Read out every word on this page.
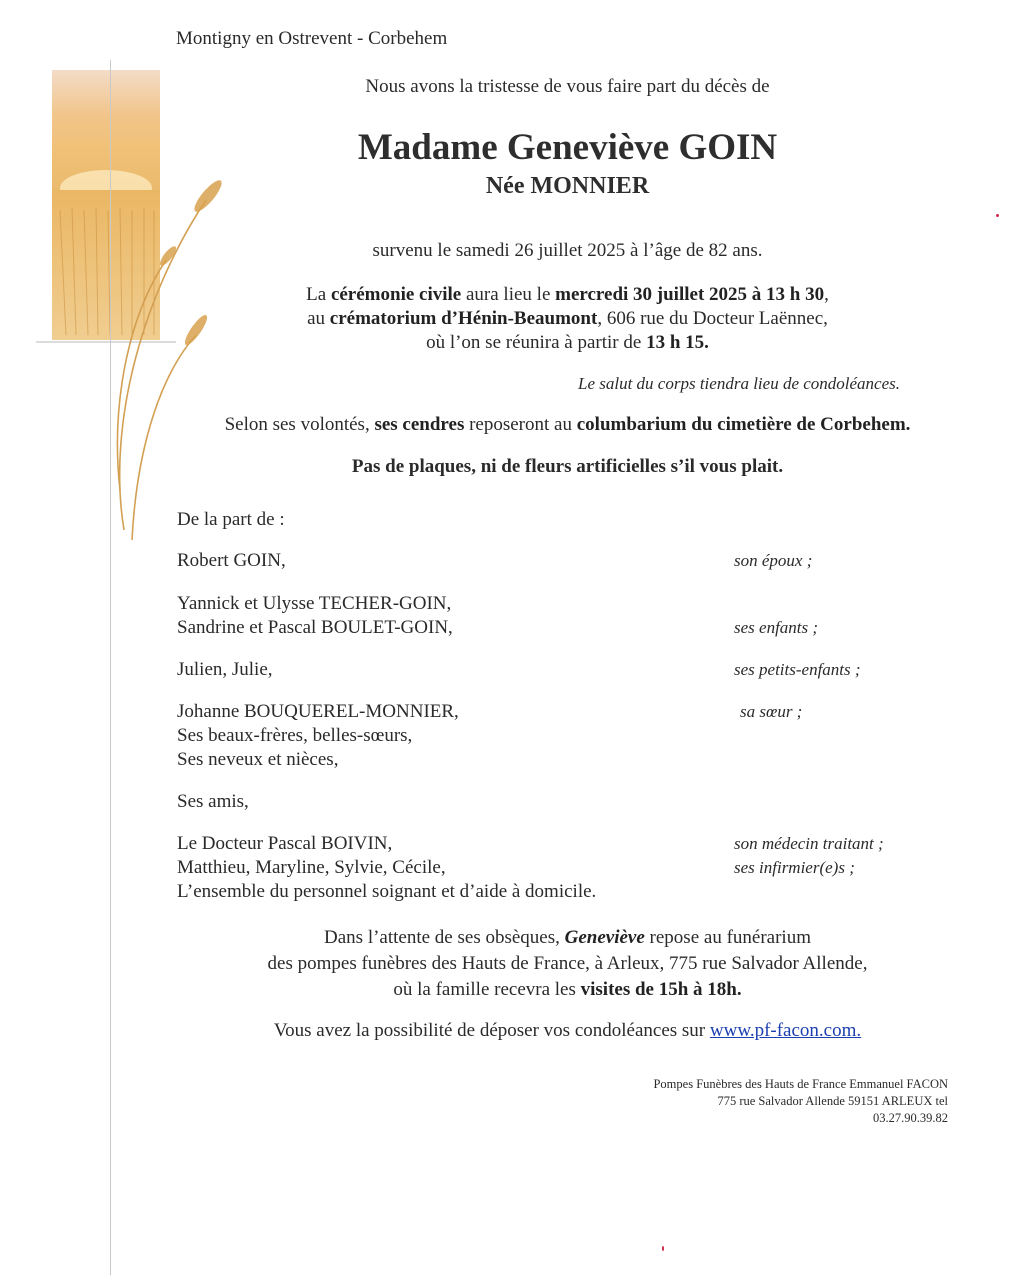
Montigny en Ostrevent - Corbehem
Nous avons la tristesse de vous faire part du décès de
Madame Geneviève GOIN
Née MONNIER
survenu le samedi 26 juillet 2025 à l’âge de 82 ans.
La cérémonie civile aura lieu le mercredi 30 juillet 2025 à 13 h 30,
au crématorium d’Hénin-Beaumont, 606 rue du Docteur Laënnec,
où l’on se réunira à partir de 13 h 15.
Le salut du corps tiendra lieu de condoléances.
Selon ses volontés, ses cendres reposeront au columbarium du cimetière de Corbehem.
Pas de plaques, ni de fleurs artificielles s’il vous plait.
De la part de :
Robert GOIN,	son époux ;
Yannick et Ulysse TECHER-GOIN,
Sandrine et Pascal BOULET-GOIN,	ses enfants ;
Julien, Julie,	ses petits-enfants ;
Johanne BOUQUEREL-MONNIER,	sa sœur ;
Ses beaux-frères, belles-sœurs,
Ses neveux et nièces,
Ses amis,
Le Docteur Pascal BOIVIN,	son médecin traitant ;
Matthieu, Maryline, Sylvie, Cécile,	ses infirmier(e)s ;
L’ensemble du personnel soignant et d’aide à domicile.
Dans l’attente de ses obsèques, Geneviève repose au funérarium
des pompes funèbres des Hauts de France, à Arleux, 775 rue Salvador Allende,
où la famille recevra les visites de 15h à 18h.
Vous avez la possibilité de déposer vos condoléances sur www.pf-facon.com.
Pompes Funèbres des Hauts de France Emmanuel FACON
775 rue Salvador Allende 59151 ARLEUX tel
03.27.90.39.82
